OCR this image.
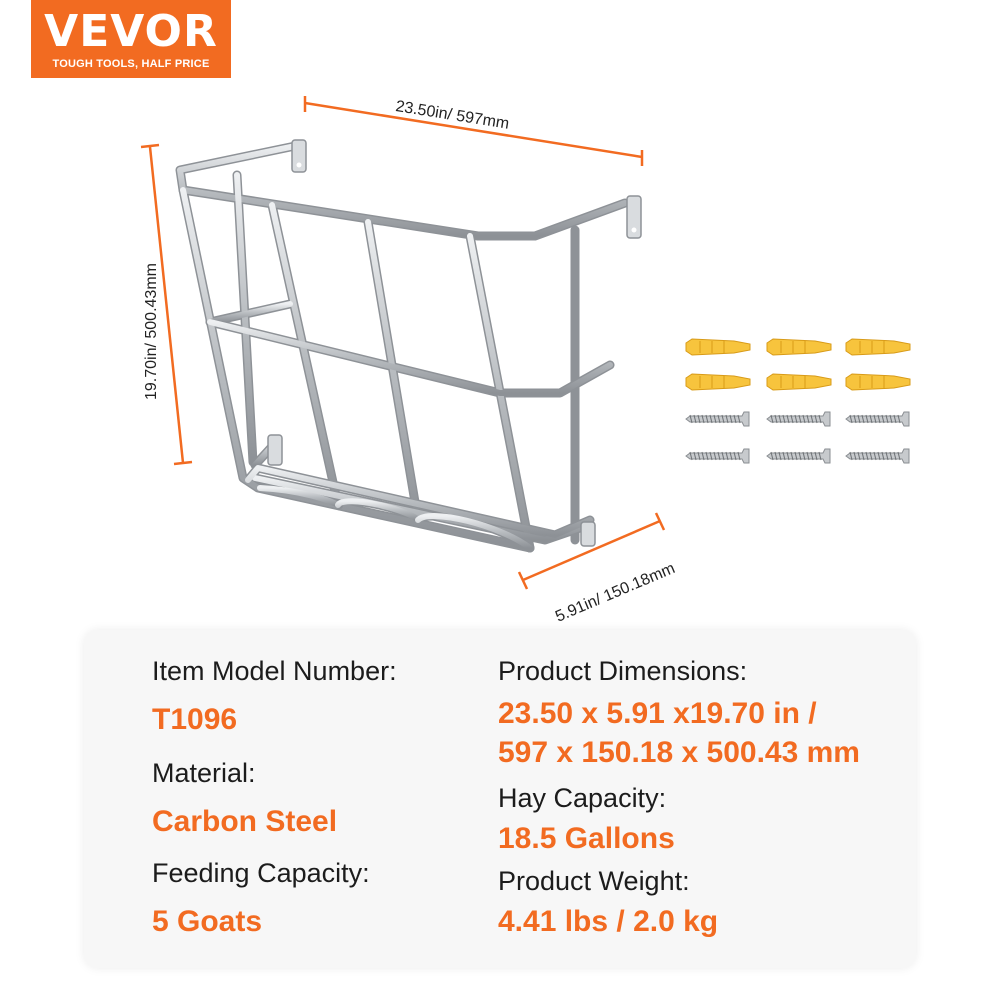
VEVOR
TOUGH TOOLS, HALF PRICE
23.50in/ 597mm
19.70in/ 500.43mm
5.91in/ 150.18mm
Item Model Number:
T1096
Material:
Carbon Steel
Feeding Capacity:
5 Goats
Product Dimensions:
23.50 x 5.91 x19.70 in /
597 x 150.18 x 500.43 mm
Hay Capacity:
18.5 Gallons
Product Weight:
4.41 lbs / 2.0 kg
